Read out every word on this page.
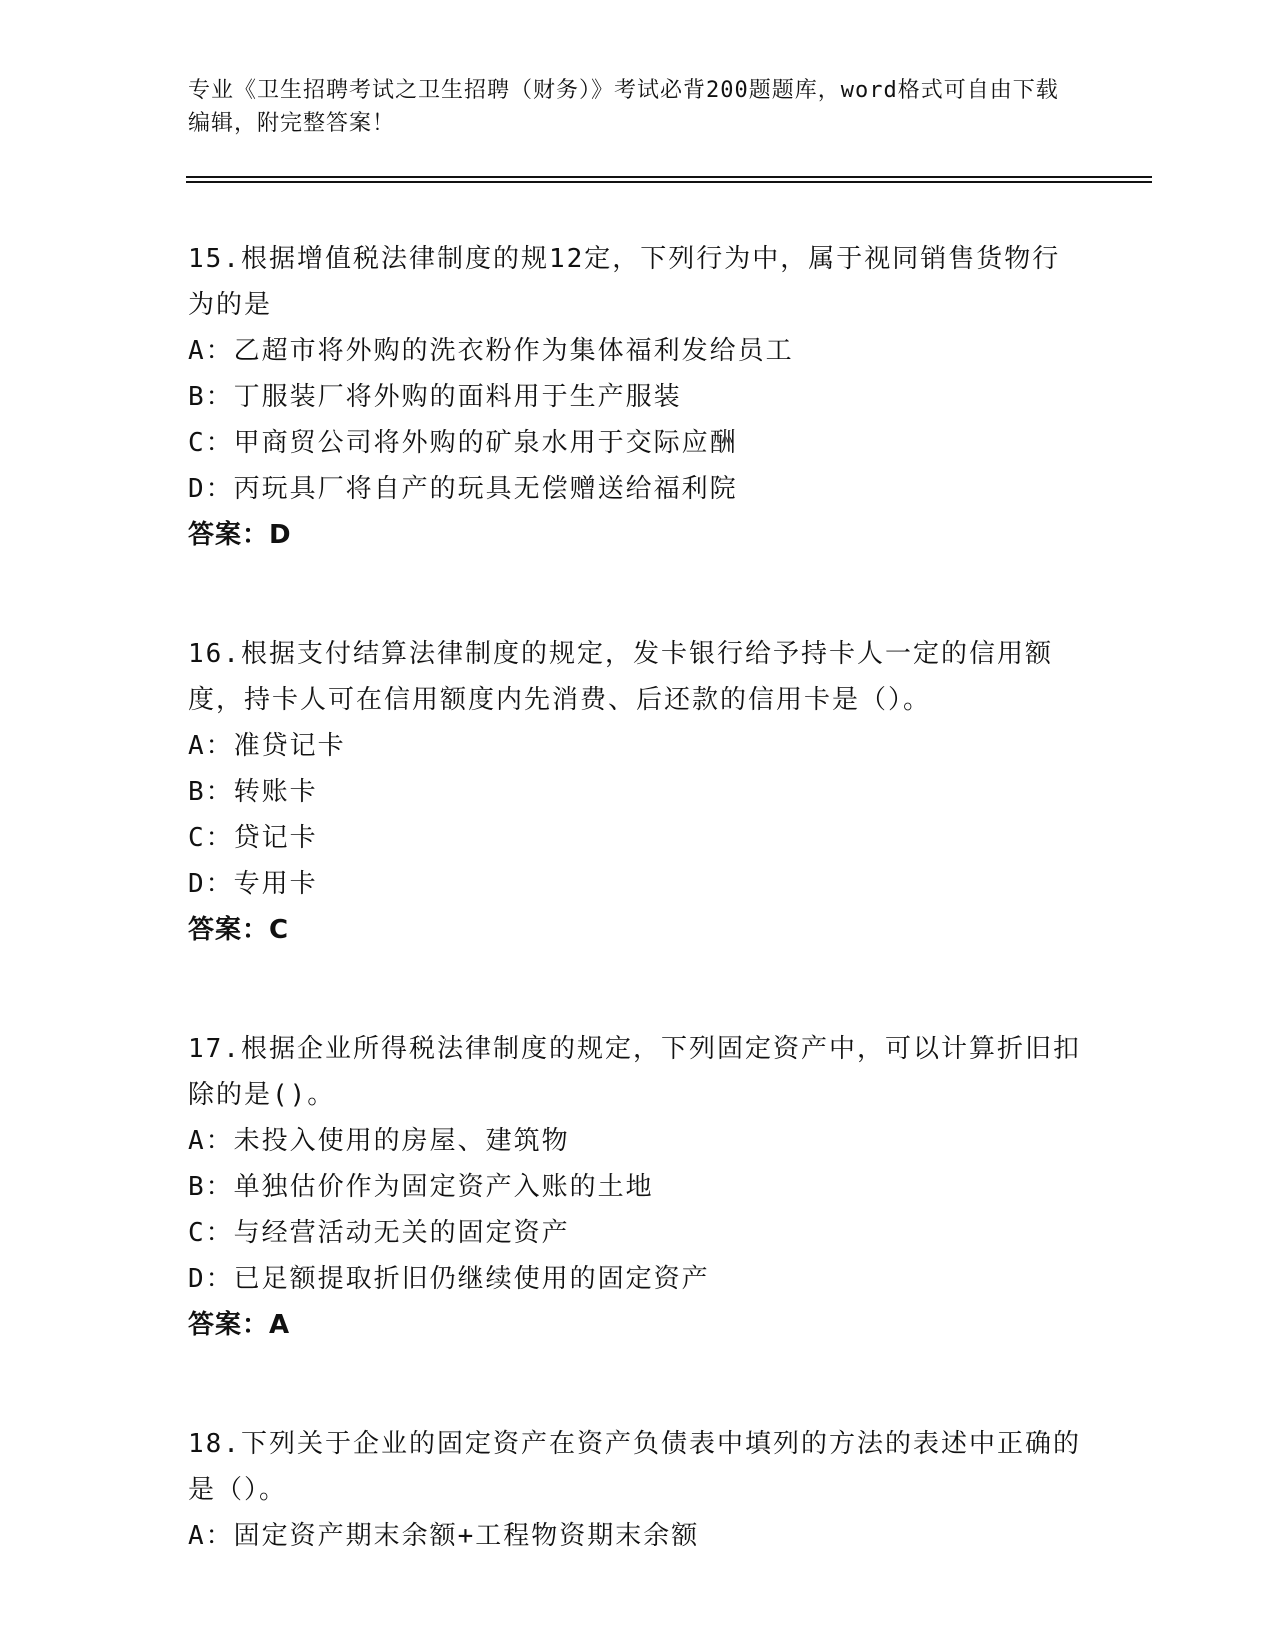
专业《卫生招聘考试之卫生招聘（财务）》考试必背200题题库，word格式可自由下载编辑，附完整答案！

15.根据增值税法律制度的规12定，下列行为中，属于视同销售货物行为的是

A：乙超市将外购的洗衣粉作为集体福利发给员工

B：丁服装厂将外购的面料用于生产服装

C：甲商贸公司将外购的矿泉水用于交际应酬

D：丙玩具厂将自产的玩具无偿赠送给福利院

答案：D

16.根据支付结算法律制度的规定，发卡银行给予持卡人一定的信用额度，持卡人可在信用额度内先消费、后还款的信用卡是（）。

A：准贷记卡

B：转账卡

C：贷记卡

D：专用卡

答案：C

17.根据企业所得税法律制度的规定，下列固定资产中，可以计算折旧扣除的是()。

A：未投入使用的房屋、建筑物

B：单独估价作为固定资产入账的土地

C：与经营活动无关的固定资产

D：已足额提取折旧仍继续使用的固定资产

答案：A

18.下列关于企业的固定资产在资产负债表中填列的方法的表述中正确的是（）。

A：固定资产期末余额+工程物资期末余额
